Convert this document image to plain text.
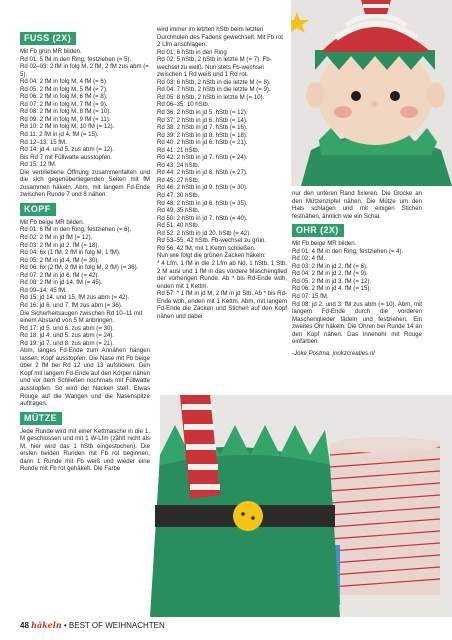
FUSS (2X)

Mit Fb grün MR bilden.

Rd 01: 5 fM in den Ring, festziehen (= 5).

Rd 02–03: 2 fM in folg M, 2 fM, 2 fM zus abm (= 5).

Rd 04: 2 fM in folg M, 4 fM (= 6).

Rd 05: 2 fM in folg M, 5 fM (= 7).

Rd 06: 2 fM in folg M, 6 fM (= 8).

Rd 07: 2 fM in folg M, 7 fM (= 9).

Rd 08: 2 fM in folg M, 8 fM (= 10).

Rd 09: 2 fM in folg M, 9 fM (= 11).

Rd 10: 2 fM in folg M, 10 fM (= 12).

Rd 11: 2 fM in jd 4. fM (= 15).

Rd 12–13: 15 fM.

Rd 14: jd 4. und 5. zus abm (= 12).

Bis Rd 7 mit Füllwatte ausstopfen.

Rd 15: 12 fM.

Die verbliebene Öffnung zusammenfalten und die sich gegenüberliegenden Seiten mit fM zusammen häkeln. Abm, mit langem Fd-Ende zwischen Runde 7 und 8 nähen.

KOPF

Mit Fb beige MR bilden.

Rd 01: 6 fM in den Ring, festziehen (= 6).

Rd 02: 2 fM in jd fM (= 12).

Rd 03: 2 fM in jd 2. fM (= 18).

Rd 04: 6x (1 fM, 2 fM in folg M, 1 fM).

Rd 05: 2 fM in jd 4. fM (= 30).

Rd 06: 6x (2 fM, 2 fM in folg M, 2 fM) (= 36).

Rd 07: 2 fM in jd 6. fM (= 42).

Rd 08: 2 fM in jd 14. fM (= 45).

Rd 09–14: 45 fM.

Rd 15: jd 14. und 15. fM zus abm (= 42).

Rd 16: jd 6. und 7. fM zus abm (= 36).

Die Sicherheitsaugen zwischen Rd 10–11 mit einem Abstand von 5 M anbringen.

Rd 17: jd 5. und 6. zus abm (= 30).

Rd 18: jd 4. und 5. zus abm (= 24).

Rd 19: jd 7. und 8. zus abm (= 21).

Abm, langes Fd-Ende zum Annähen hängen lassen. Kopf ausstopfen. Die Nase mit Fb beige über 2 fM bei Rd 12 und 13 aufsticken. Den Kopf mit langem Fd-Ende auf den Körper nähen und vor dem Schließen nochmals mit Füllwatte ausstopfen. So wird der Nacken steif. Etwas Rouge auf die Wangen und die Nasenspitze auftragen.

MÜTZE

Jede Runde wird mit einer Kettmasche in die 1. M geschlossen und mit 1 W-Lfm (zählt nicht als M, hier wird das 1 hStb eingestochen). Die ersten beiden Runden mit Fb rot beginnen, dann 1 Runde mit Fb weiß und wieder eine Runde mit Fb rot gehäkelt. Die Farbe

wird immer im letzten hStb beim letzten Durchholen des Fadens gewechselt. Mit Fb rot 2 Lfm anschlagen.

Rd 01: 6 hStb in den Ring

Rd 02: 5 hStb, 2 hStb in letzte M (= 7). Fb-wechsel zu weiß. Nun stets Fb-wechsel zwischen 1 Rd weiß und 1 Rd rot.

Rd 03: 6 hStb, 2 hStb in die letzte M (= 8).

Rd 04: 7 hStb, 2 hStb in die letzte M (= 9).

Rd 05: 8 hStb, 2 hStb in letzte M (= 10).

Rd 06–35: 10 hStb.

Rd 36: 2 hStb in jd 5. hStb (= 12).

Rd 37: 2 hStb in jd 6. hStb (= 14).

Rd 38: 2 hStb in jd 7. hStb (= 16).

Rd 39: 2 hStb in jd 8. hStb (= 18).

Rd 40: 2 hStb in jd 6. hStb (= 21).

Rd 41: 21 hStb.

Rd 42: 2 hStb in jd 7. hStb (= 24).

Rd 43: 24 hStb.

Rd 44: 2 hStb in jd 8. hStb (= 27).

Rd 45: 27 hStb.

Rd 46: 2 hStb in jd 9. hStb (= 30).

Rd 47: 30 hStb.

Rd 48: 2 hStb in jd 6. hStb (= 35).

Rd 49: 35 hStb.

Rd 50: 2 hStb in jd 7. hStb (= 40).

Rd 51: 40 hStb.

Rd 52: 2 hStb in jd 20. hStb (= 42).

Rd 53–55: 42 hStb. Fb-wechsel zu grün.

Rd 56: 42 fM, mit 1 Kettm schließen.

Nun wie folgt die grünen Zacken häkeln:

* 4 Lfm, 1 fM in die 2 Lfm ab Nd, 1 hStb, 1 Stb, 2 M ausl und 1 fM in das vordere Maschenglied der vorherigen Runde. Ab * bis Rd-Ende wdh, enden mit 1 Kettm.

Rd 57: * 1 fM in jd M, 2 fM in jd Stb. Ab * bis Rd-Ende wdh, enden mit 1 Kettm. Abm, mit langem Fd-Ende die Zacken und Stichen auf den Kopf nähen und dabei

nur den unteren Rand fixieren. Die Glocke an den Mützenzipfel nähen. Die Mütze um den Hals schlagen und mit einigen Stichen festnähen, ähnlich wie ein Schal.

OHR (2X)

Mit Fb beige MR bilden.

Rd 01: 4 fM in den Ring, festziehen (= 4).

Rd 02: 4 fM.

Rd 03: 2 fM in jd 2. fM (= 6).

Rd 04: 2 fM in jd 2. fM (= 9).

Rd 05: 2 fM in jd 3. fM (= 12).

Rd 06: 2 fM in jd 4. fM (= 15).

Rd 07: 15 fM.

Rd 08: jd 2. und 3. fM zus abm (= 10). Abm, mit langem Fd-Ende durch die vorderen Maschenglieder fädeln und festziehen. Ein zweites Ohr häkeln. Die Ohren bei Runde 14 an den Kopf nähen. Das Innenohr mit Rouge einfärben.

-Joke Postma, jookzcreaties.nl

48 häkeln • BEST OF WEIHNACHTEN
